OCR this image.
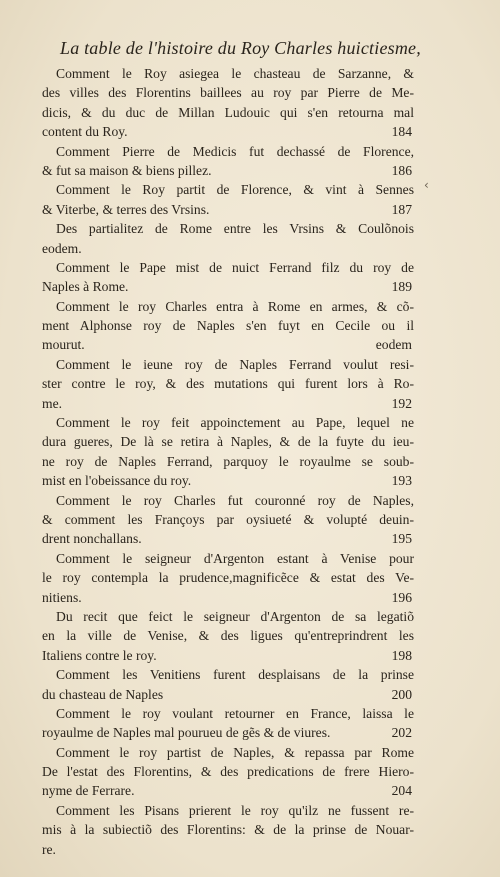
La table de l'histoire du Roy Charles huictiesme,
Comment le Roy asiegea le chasteau de Sarzanne, &
des villes des Florentins baillees au roy par Pierre de Me-
dicis, & du duc de Millan Ludouic qui s'en retourna mal
content du Roy.	184
Comment Pierre de Medicis fut dechassé de Florence,
& fut sa maison & biens pillez.	186
Comment le Roy partit de Florence, & vint à Sennes
& Viterbe, & terres des Vrsins.	187
Des partialitez de Rome entre les Vrsins & Coulõnois
eodem.
Comment le Pape mist de nuict Ferrand filz du roy de
Naples à Rome.	189
Comment le roy Charles entra à Rome en armes, & cõ-
ment Alphonse roy de Naples s'en fuyt en Cecile ou il
mourut.	eodem
Comment le ieune roy de Naples Ferrand voulut resi-
ster contre le roy, & des mutations qui furent lors à Ro-
me.	192
Comment le roy feit appoinctement au Pape, lequel ne
dura gueres, De là se retira à Naples, & de la fuyte du ieu-
ne roy de Naples Ferrand, parquoy le royaulme se soub-
mist en l'obeissance du roy.	193
Comment le roy Charles fut couronné roy de Naples,
& comment les Françoys par oysiueté & volupté deuin-
drent nonchallans.	195
Comment le seigneur d'Argenton estant à Venise pour
le roy contempla la prudence,magnificẽce & estat des Ve-
nitiens.	196
Du recit que feict le seigneur d'Argenton de sa legatiõ
en la ville de Venise, & des ligues qu'entreprindrent les
Italiens contre le roy.	198
Comment les Venitiens furent desplaisans de la prinse
du chasteau de Naples	200
Comment le roy voulant retourner en France, laissa le
royaulme de Naples mal pourueu de gẽs & de viures.	202
Comment le roy partist de Naples, & repassa par Rome
De l'estat des Florentins, & des predications de frere Hiero-
nyme de Ferrare.	204
Comment les Pisans prierent le roy qu'ilz ne fussent re-
mis à la subiectiõ des Florentins: & de la prinse de Nouar-
re.
‹
